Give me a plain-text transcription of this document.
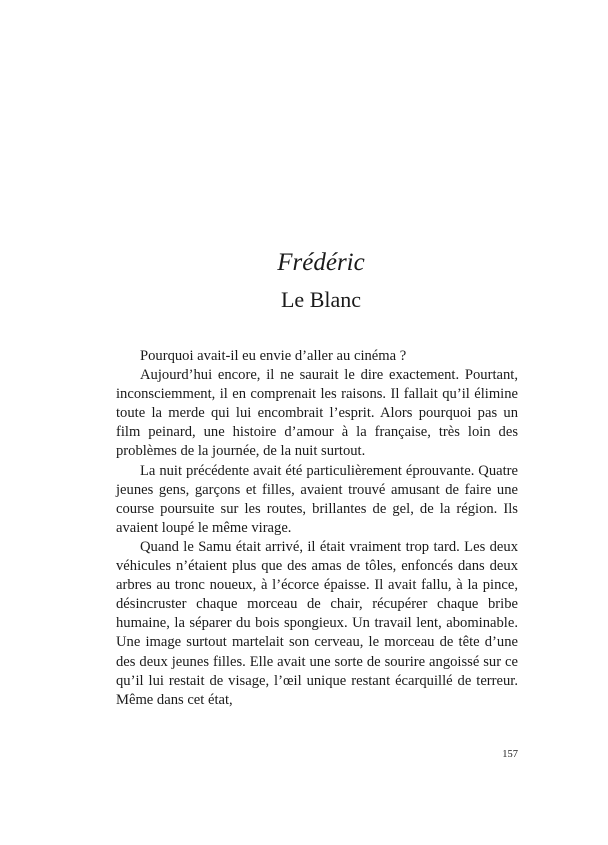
Frédéric
Le Blanc

Pourquoi avait-il eu envie d’aller au cinéma ?

Aujourd’hui encore, il ne saurait le dire exactement. Pourtant, inconsciemment, il en comprenait les raisons. Il fallait qu’il élimine toute la merde qui lui encombrait l’esprit. Alors pourquoi pas un film peinard, une histoire d’amour à la française, très loin des problèmes de la journée, de la nuit surtout.

La nuit précédente avait été particulièrement éprouvante. Quatre jeunes gens, garçons et filles, avaient trouvé amusant de faire une course poursuite sur les routes, brillantes de gel, de la région. Ils avaient loupé le même virage.

Quand le Samu était arrivé, il était vraiment trop tard. Les deux véhicules n’étaient plus que des amas de tôles, enfoncés dans deux arbres au tronc noueux, à l’écorce épaisse. Il avait fallu, à la pince, désincruster chaque morceau de chair, récupérer chaque bribe humaine, la séparer du bois spongieux. Un travail lent, abominable. Une image surtout martelait son cerveau, le morceau de tête d’une des deux jeunes filles. Elle avait une sorte de sourire angoissé sur ce qu’il lui restait de visage, l’œil unique restant écarquillé de terreur. Même dans cet état,

157
